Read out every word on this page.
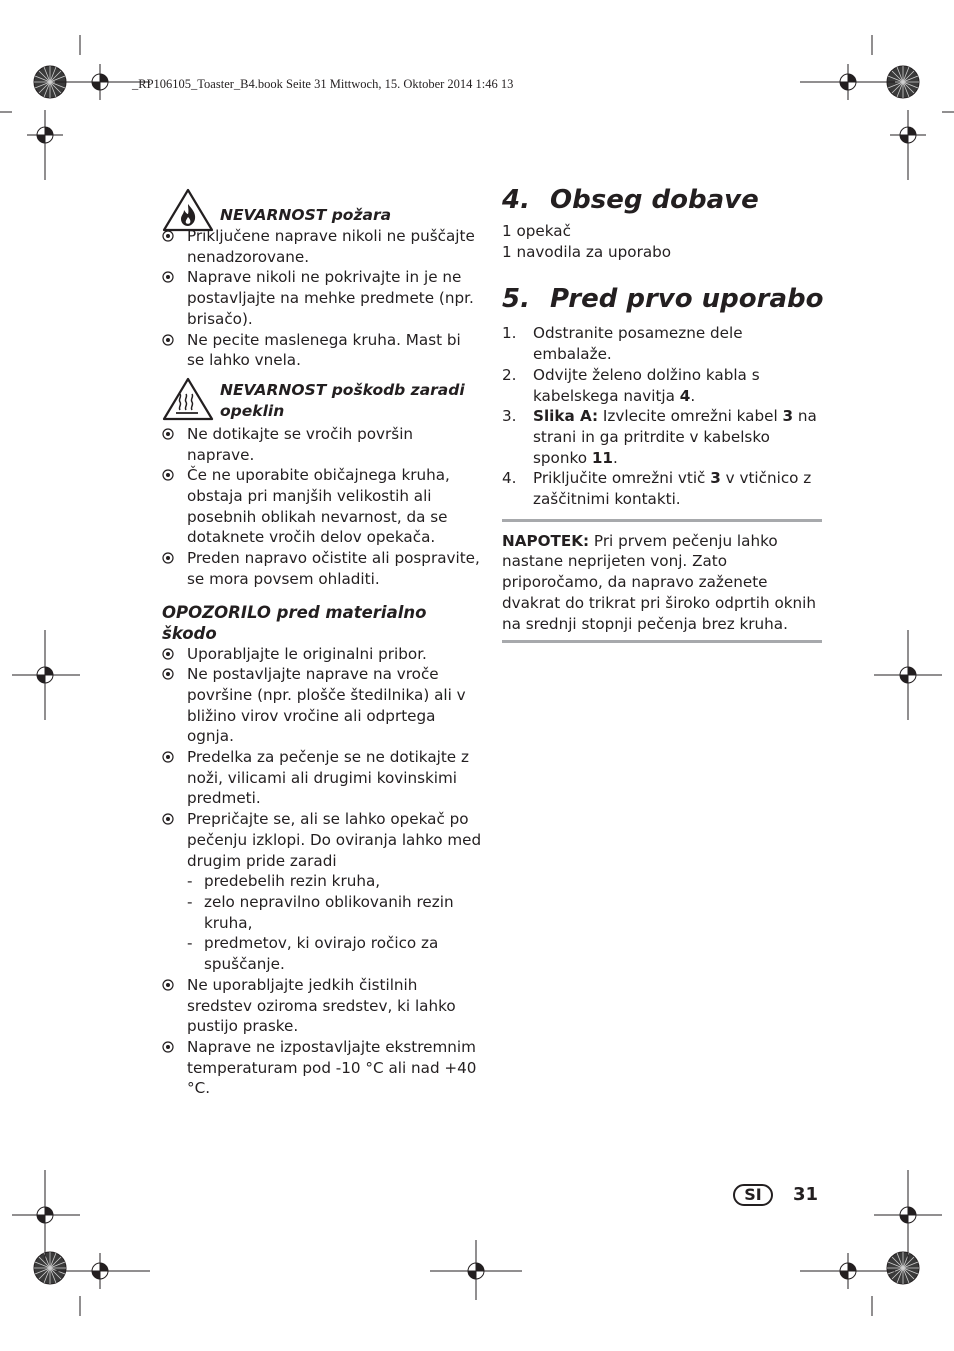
_RP106105_Toaster_B4.book Seite 31 Mittwoch, 15. Oktober 2014 1:46 13
NEVARNOST požara
Priključene naprave nikoli ne puščajte nenadzorovane.
Naprave nikoli ne pokrivajte in je ne postavljajte na mehke predmete (npr. brisačo).
Ne pecite maslenega kruha. Mast bi se lahko vnela.
NEVARNOST poškodb zaradi opeklin
Ne dotikajte se vročih površin naprave.
Če ne uporabite običajnega kruha, obstaja pri manjših velikostih ali posebnih oblikah nevarnost, da se dotaknete vročih delov opekača.
Preden napravo očistite ali pospravite, se mora povsem ohladiti.
OPOZORILO pred materialno škodo
Uporabljajte le originalni pribor.
Ne postavljajte naprave na vroče površine (npr. plošče štedilnika) ali v bližino virov vročine ali odprtega ognja.
Predelka za pečenje se ne dotikajte z noži, vilicami ali drugimi kovinskimi predmeti.
Prepričajte se, ali se lahko opekač po pečenju izklopi. Do oviranja lahko med drugim pride zaradi
- predebelih rezin kruha,
- zelo nepravilno oblikovanih rezin kruha,
- predmetov, ki ovirajo ročico za spuščanje.
Ne uporabljajte jedkih čistilnih sredstev oziroma sredstev, ki lahko pustijo praske.
Naprave ne izpostavljajte ekstremnim temperaturam pod -10 °C ali nad +40 °C.
4. Obseg dobave
1 opekač
1 navodila za uporabo
5. Pred prvo uporabo
1. Odstranite posamezne dele embalaže.
2. Odvijte želeno dolžino kabla s kabelskega navitja 4.
3. Slika A: Izvlecite omrežni kabel 3 na strani in ga pritrdite v kabelsko sponko 11.
4. Priključite omrežni vtič 3 v vtičnico z zaščitnimi kontakti.
NAPOTEK: Pri prvem pečenju lahko nastane neprijeten vonj. Zato priporočamo, da napravo zaženete dvakrat do trikrat pri široko odprtih oknih na srednji stopnji pečenja brez kruha.
SI	31
